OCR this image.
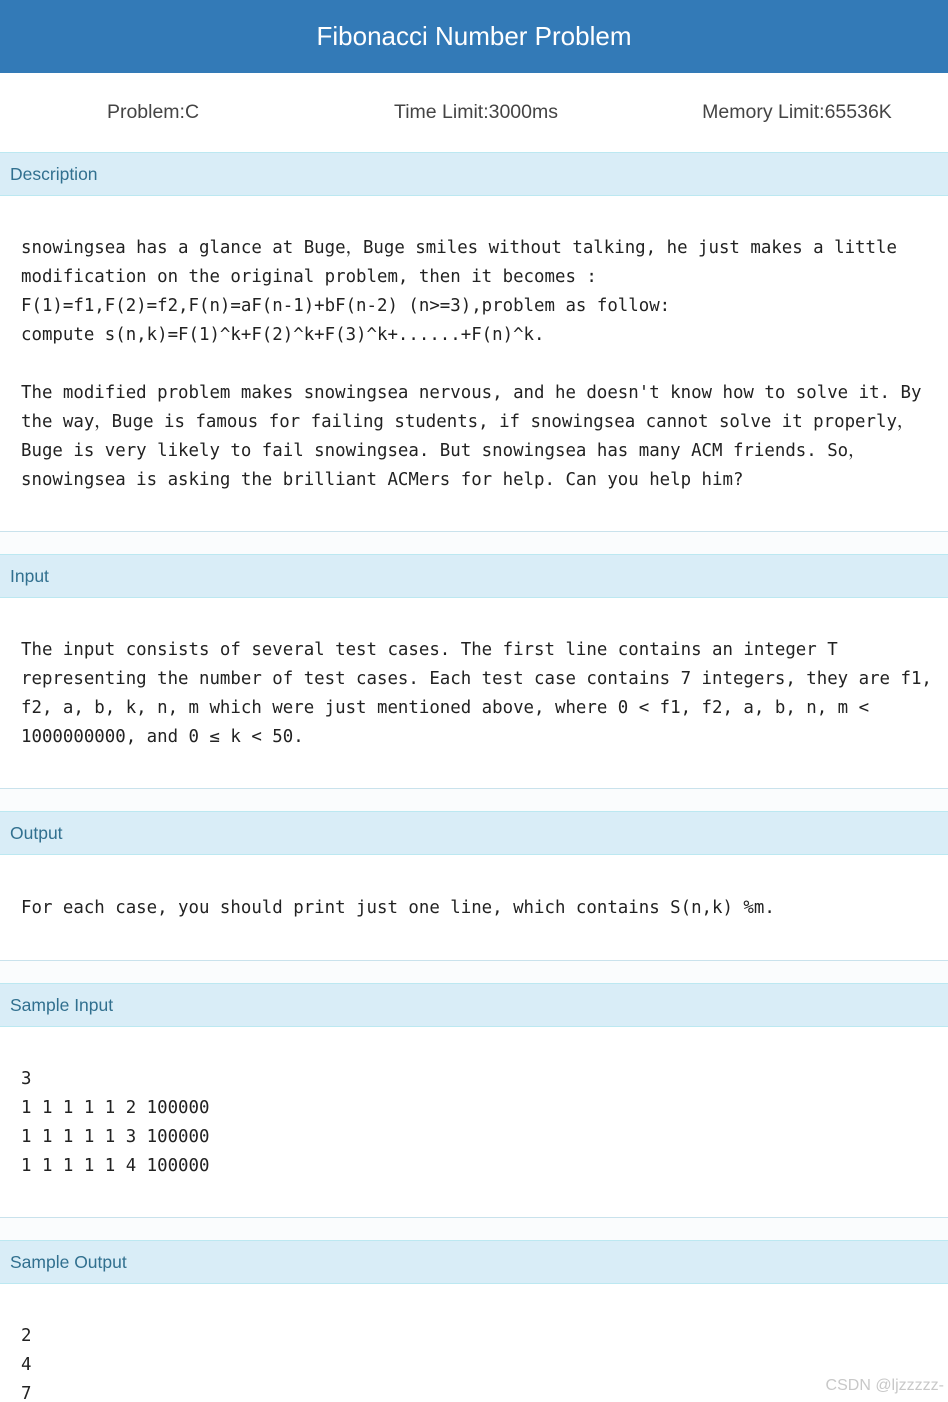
Fibonacci Number Problem
Problem:C	Time Limit:3000ms	Memory Limit:65536K
Description
snowingsea has a glance at Buge，Buge smiles without talking, he just makes a little modification on the original problem, then it becomes :
F(1)=f1,F(2)=f2,F(n)=aF(n-1)+bF(n-2) (n>=3),problem as follow:
compute s(n,k)=F(1)^k+F(2)^k+F(3)^k+......+F(n)^k.

The modified problem makes snowingsea nervous, and he doesn't know how to solve it. By the way，Buge is famous for failing students, if snowingsea cannot solve it properly， Buge is very likely to fail snowingsea. But snowingsea has many ACM friends. So，snowingsea is asking the brilliant ACMers for help. Can you help him?
Input
The input consists of several test cases. The first line contains an integer T representing the number of test cases. Each test case contains 7 integers, they are f1, f2, a, b, k, n, m which were just mentioned above, where 0 < f1, f2, a, b, n, m < 1000000000, and 0 ≤ k < 50.
Output
For each case, you should print just one line, which contains S(n,k) %m.
Sample Input
3
1 1 1 1 1 2 100000
1 1 1 1 1 3 100000
1 1 1 1 1 4 100000
Sample Output
2
4
7	CSDN @ljzzzzz-
